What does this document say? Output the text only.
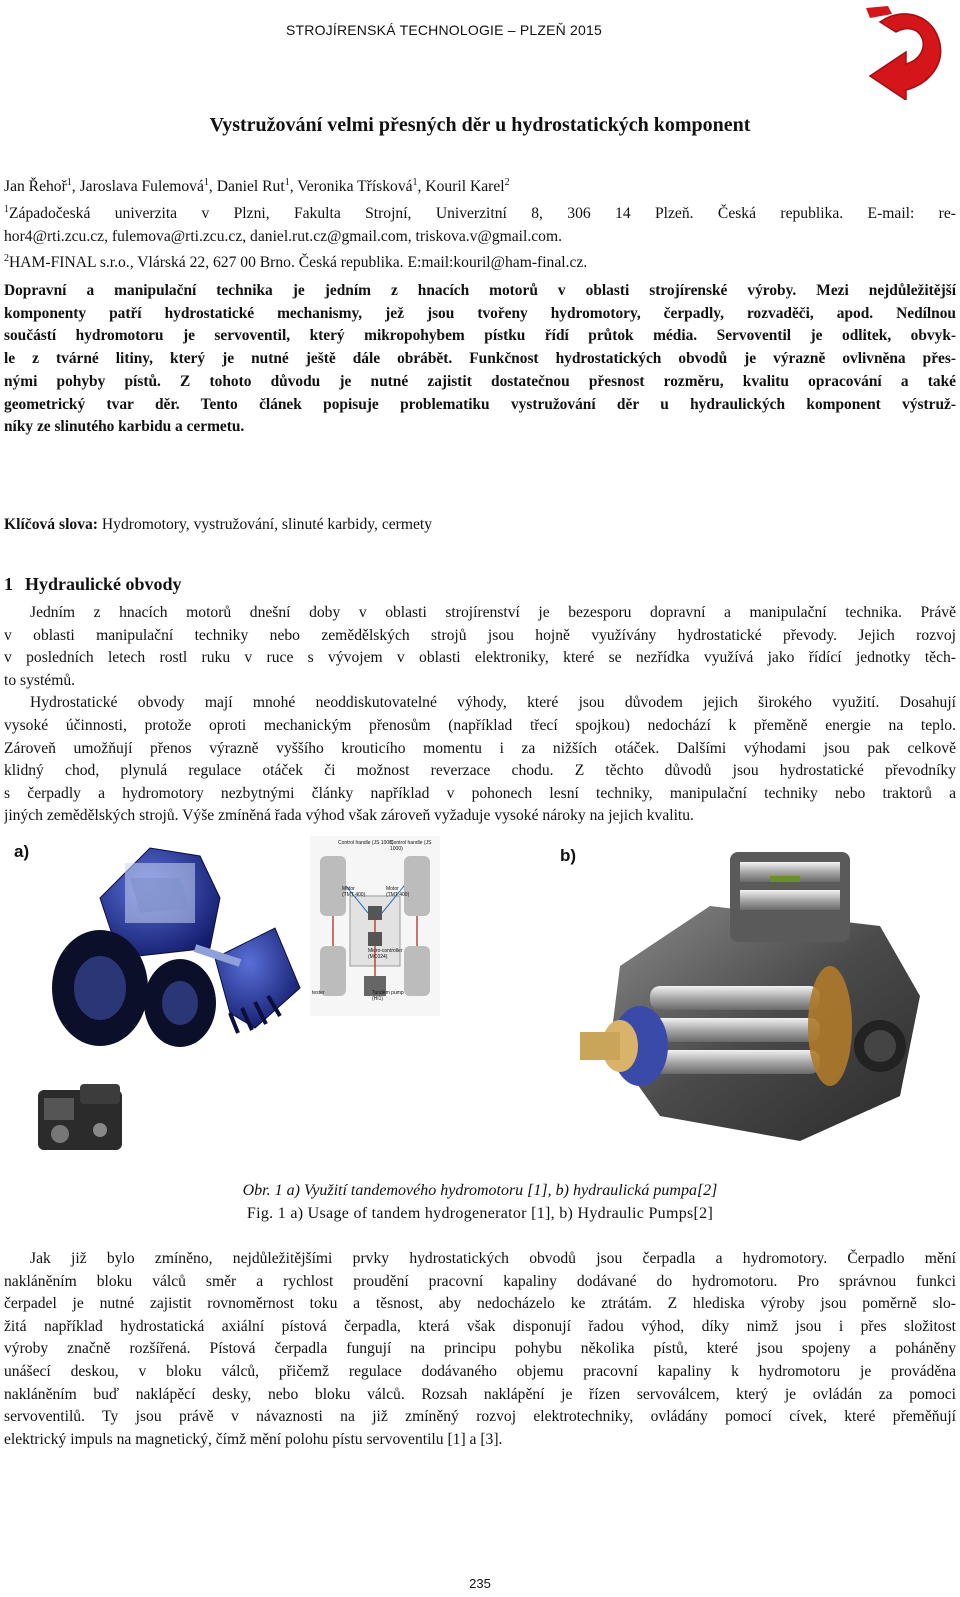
STROJÍRENSKÁ TECHNOLOGIE – PLZEŇ 2015
Zpět
Vystružování velmi přesných děr u hydrostatických komponent
Jan Řehoř$^1$, Jaroslava Fulemová$^1$, Daniel Rut$^1$, Veronika Třísková$^1$, Kouril Karel$^2$
$^1$Západočeská univerzita v Plzni, Fakulta Strojní, Univerzitní 8, 306 14 Plzeň. Česká republika. E-mail: re-
hor4@rti.zcu.cz, fulemova@rti.zcu.cz, daniel.rut.cz@gmail.com, triskova.v@gmail.com.
$^2$HAM-FINAL s.r.o., Vlárská 22, 627 00 Brno. Česká republika. E:mail:kouril@ham-final.cz.
Dopravní a manipulační technika je jedním z hnacích motorů v oblasti strojírenské výroby. Mezi nejdůležitější
komponenty patří hydrostatické mechanismy, jež jsou tvořeny hydromotory, čerpadly, rozvaděči, apod. Nedílnou
součástí hydromotoru je servoventil, který mikropohybem pístku řídí průtok média. Servoventil je odlitek, obvyk-
le z tvárné litiny, který je nutné ještě dále obrábět. Funkčnost hydrostatických obvodů je výrazně ovlivněna přes-
nými pohyby pístů. Z tohoto důvodu je nutné zajistit dostatečnou přesnost rozměru, kvalitu opracování a také
geometrický tvar děr. Tento článek popisuje problematiku vystružování děr u hydraulických komponent výstruž-
níky ze slinutého karbidu a cermetu.
Klíčová slova: Hydromotory, vystružování, slinuté karbidy, cermety
1 Hydraulické obvody
Jedním z hnacích motorů dnešní doby v oblasti strojírenství je bezesporu dopravní a manipulační technika. Právě
v oblasti manipulační techniky nebo zemědělských strojů jsou hojně využívány hydrostatické převody. Jejich rozvoj
v posledních letech rostl ruku v ruce s vývojem v oblasti elektroniky, které se nezřídka využívá jako řídící jednotky těch-
to systémů.
Hydrostatické obvody mají mnohé neoddiskutovatelné výhody, které jsou důvodem jejich širokého využití. Dosahují
vysoké účinnosti, protože oproti mechanickým přenosům (například třecí spojkou) nedochází k přeměně energie na teplo.
Zároveň umožňují přenos výrazně vyššího krouticího momentu i za nižších otáček. Dalšími výhodami jsou pak celkově
klidný chod, plynulá regulace otáček či možnost reverzace chodu. Z těchto důvodů jsou hydrostatické převodníky
s čerpadly a hydromotory nezbytnými články například v pohonech lesní techniky, manipulační techniky nebo traktorů a
jiných zemědělských strojů. Výše zmíněná řada výhod však zároveň vyžaduje vysoké nároky na jejich kvalitu.
a)	b)
Control handle (JS 1000)
Control handle (JS 1000)
Motor (TMT 400)
Motor (TMT 400)
Micro-controller (MC024)
Tandem pump (HI1)
tester
Obr. 1 a) Využití tandemového hydromotoru [1], b) hydraulická pumpa[2]
Fig. 1 a) Usage of tandem hydrogenerator [1], b) Hydraulic Pumps[2]
Jak již bylo zmíněno, nejdůležitějšími prvky hydrostatických obvodů jsou čerpadla a hydromotory. Čerpadlo mění
nakláněním bloku válců směr a rychlost proudění pracovní kapaliny dodávané do hydromotoru. Pro správnou funkci
čerpadel je nutné zajistit rovnoměrnost toku a těsnost, aby nedocházelo ke ztrátám. Z hlediska výroby jsou poměrně slo-
žitá například hydrostatická axiální pístová čerpadla, která však disponují řadou výhod, díky nimž jsou i přes složitost
výroby značně rozšířená. Pístová čerpadla fungují na principu pohybu několika pístů, které jsou spojeny a poháněny
unášecí deskou, v bloku válců, přičemž regulace dodávaného objemu pracovní kapaliny k hydromotoru je prováděna
nakláněním buď naklápěcí desky, nebo bloku válců. Rozsah naklápění je řízen servoválcem, který je ovládán za pomoci
servoventilů. Ty jsou právě v návaznosti na již zmíněný rozvoj elektrotechniky, ovládány pomocí cívek, které přeměňují
elektrický impuls na magnetický, čímž mění polohu pístu servoventilu [1] a [3].
235
